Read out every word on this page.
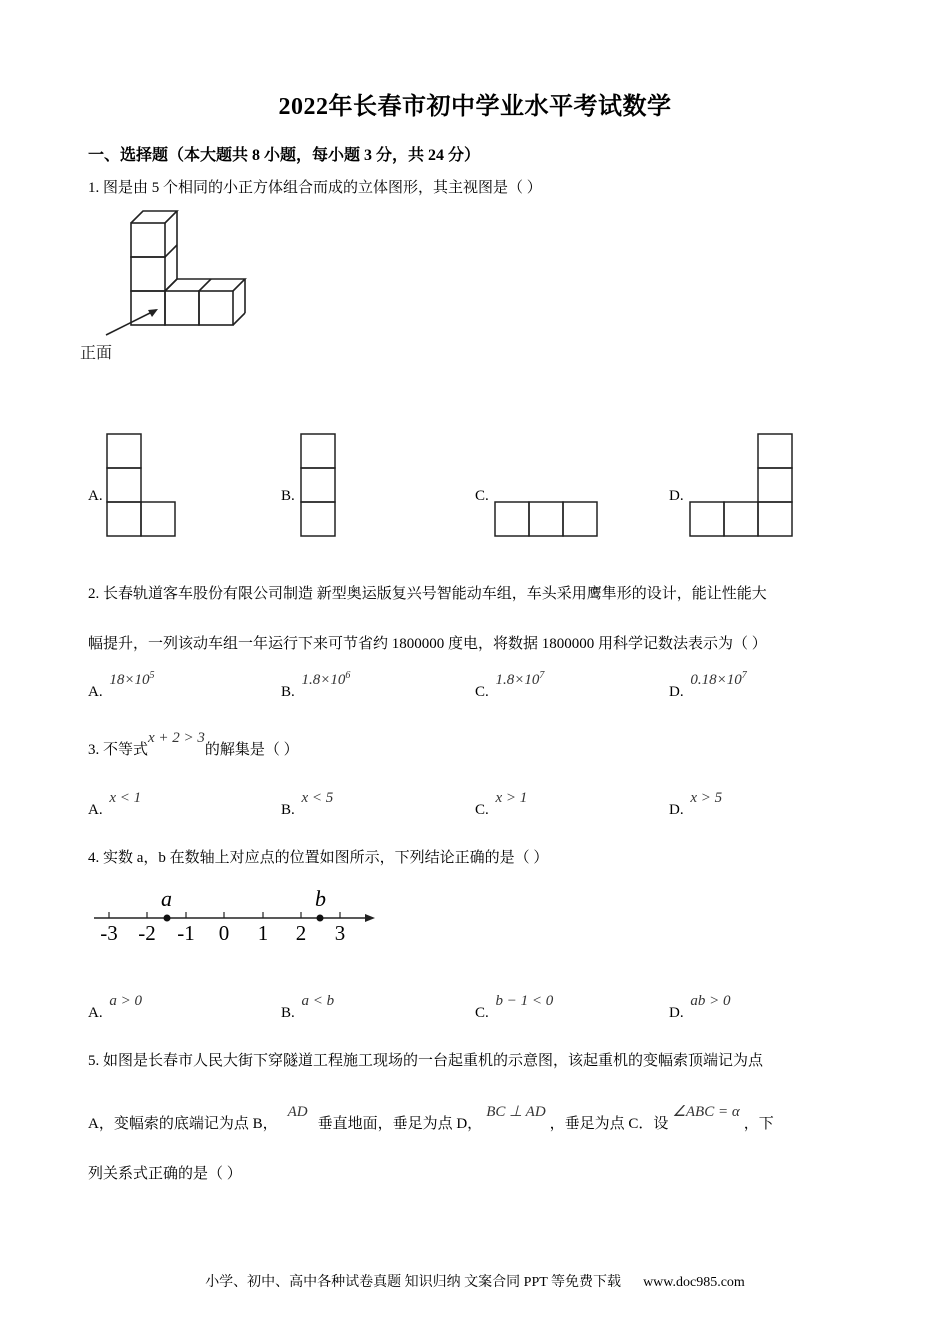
2022年长春市初中学业水平考试数学
一、选择题（本大题共 8 小题，每小题 3 分，共 24 分）
1. 图是由 5 个相同的小正方体组合而成的立体图形，其主视图是（ ）
正面
A.	B.	C.	D.
2. 长春轨道客车股份有限公司制造 新型奥运版复兴号智能动车组，车头采用鹰隼形的设计，能让性能大
幅提升，一列该动车组一年运行下来可节省约 1800000 度电，将数据 1800000 用科学记数法表示为（ ）
A. $18\times 10^5$
B. $1.8\times 10^6$
C. $1.8\times 10^7$
D. $0.18\times 10^7$
3. 不等式x + 2 > 3的解集是（ ）
A. x < 1
B. x < 5
C. x > 1
D. x > 5
4. 实数 a，b 在数轴上对应点的位置如图所示，下列结论正确的是（ ）
a	b
-3 -2 -1 0 1 2 3
A. a > 0
B. a < b
C. b − 1 < 0
D. ab > 0
5. 如图是长春市人民大街下穿隧道工程施工现场的一台起重机的示意图，该起重机的变幅索顶端记为点
A，变幅索的底端记为点 B，AD垂直地面，垂足为点 D，BC ⊥ AD，垂足为点 C．设∠ABC = α，下
列关系式正确的是（ ）
小学、初中、高中各种试卷真题 知识归纳 文案合同 PPT 等免费下载 www.doc985.com
